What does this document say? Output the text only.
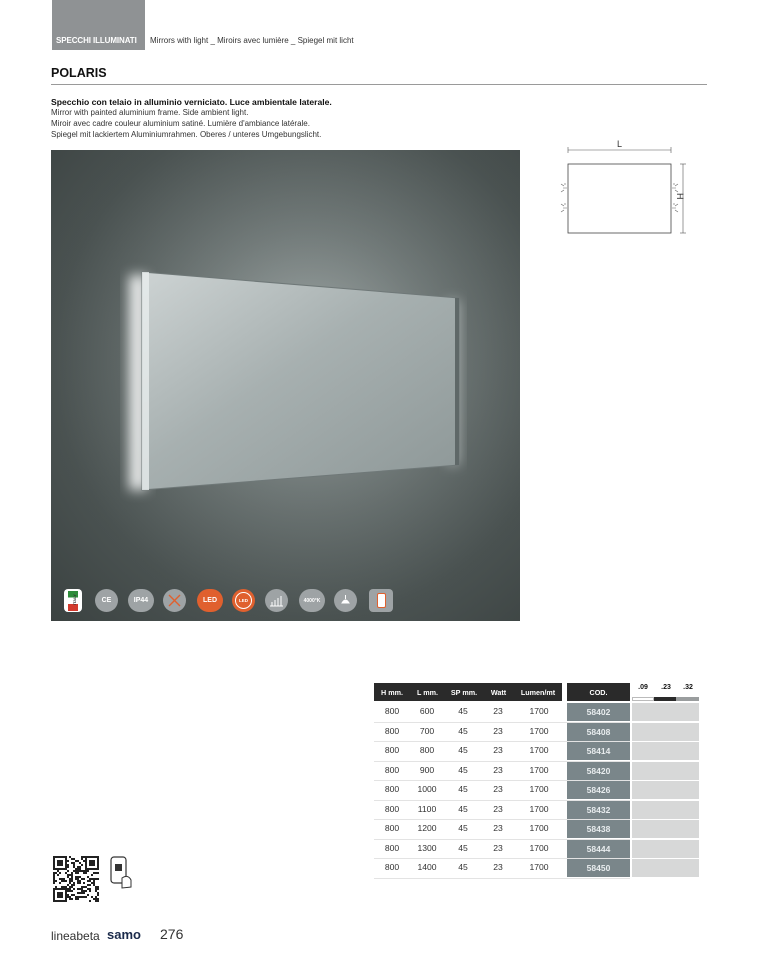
SPECCHI ILLUMINATI Mirrors with light _ Miroirs avec lumière _ Spiegel mit licht
POLARIS
Specchio con telaio in alluminio verniciato. Luce ambientale laterale.
Mirror with painted aluminium frame. Side ambient light.
Miroir avec cadre couleur aluminium satiné. Lumière d'ambiance latérale.
Spiegel mit lackiertem Aluminiumrahmen. Oberes / unteres Umgebungslicht.
ITALY	CE	IP44	LED	LED	4000°K
L
H
H mm.	L mm.	SP mm.	Watt	Lumen/mt	COD.	.09	.23	.32
800	600	45	23	1700	58402
800	700	45	23	1700	58408
800	800	45	23	1700	58414
800	900	45	23	1700	58420
800	1000	45	23	1700	58426
800	1100	45	23	1700	58432
800	1200	45	23	1700	58438
800	1300	45	23	1700	58444
800	1400	45	23	1700	58450
lineabeta samo 276
